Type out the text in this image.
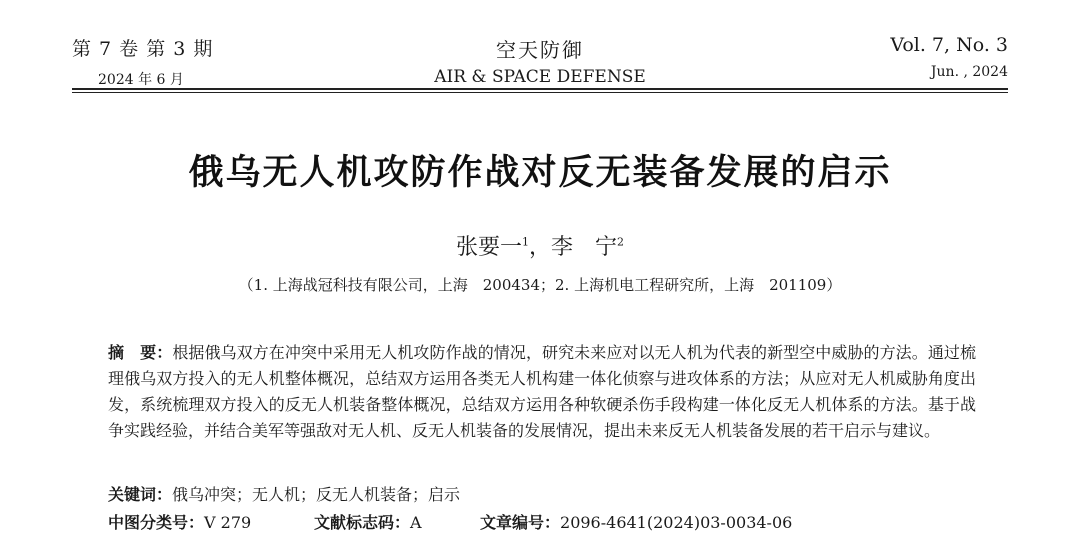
第 7 卷 第 3 期
2024 年 6 月
空天防御
AIR & SPACE DEFENSE
Vol. 7, No. 3
Jun. , 2024
俄乌无人机攻防作战对反无装备发展的启示
张要一$^1$，李　宁$^2$
（1. 上海战冠科技有限公司，上海　200434；2. 上海机电工程研究所，上海　201109）
摘　要：根据俄乌双方在冲突中采用无人机攻防作战的情况，研究未来应对以无人机为代表的新型空中威胁的方法。通过梳理俄乌双方投入的无人机整体概况，总结双方运用各类无人机构建一体化侦察与进攻体系的方法；从应对无人机威胁角度出发，系统梳理双方投入的反无人机装备整体概况，总结双方运用各种软硬杀伤手段构建一体化反无人机体系的方法。基于战争实践经验，并结合美军等强敌对无人机、反无人机装备的发展情况，提出未来反无人机装备发展的若干启示与建议。
关键词：俄乌冲突；无人机；反无人机装备；启示
中图分类号：V 279	文献标志码：A	文章编号：2096-4641(2024)03-0034-06
